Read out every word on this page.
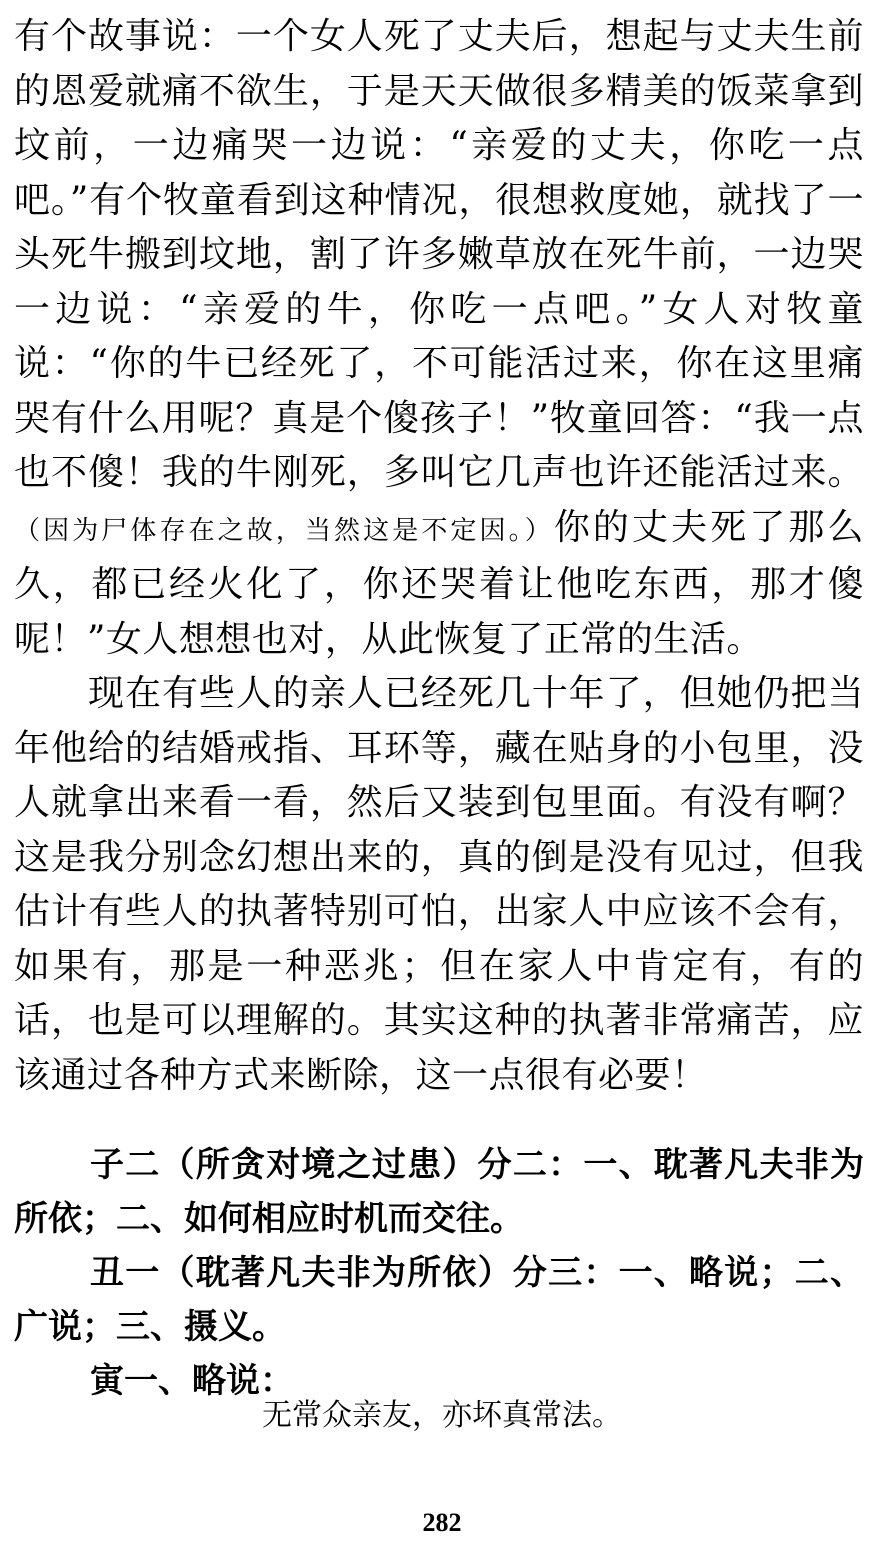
有个故事说：一个女人死了丈夫后，想起与丈夫生前的恩爱就痛不欲生，于是天天做很多精美的饭菜拿到坟前，一边痛哭一边说：“亲爱的丈夫，你吃一点吧。”有个牧童看到这种情况，很想救度她，就找了一头死牛搬到坟地，割了许多嫩草放在死牛前，一边哭一边说：“亲爱的牛，你吃一点吧。”女人对牧童说：“你的牛已经死了，不可能活过来，你在这里痛哭有什么用呢？真是个傻孩子！”牧童回答：“我一点也不傻！我的牛刚死，多叫它几声也许还能活过来。（因为尸体存在之故，当然这是不定因。）你的丈夫死了那么久，都已经火化了，你还哭着让他吃东西，那才傻呢！”女人想想也对，从此恢复了正常的生活。

现在有些人的亲人已经死几十年了，但她仍把当年他给的结婚戒指、耳环等，藏在贴身的小包里，没人就拿出来看一看，然后又装到包里面。有没有啊？这是我分别念幻想出来的，真的倒是没有见过，但我估计有些人的执著特别可怕，出家人中应该不会有，如果有，那是一种恶兆；但在家人中肯定有，有的话，也是可以理解的。其实这种的执著非常痛苦，应该通过各种方式来断除，这一点很有必要！

子二（所贪对境之过患）分二：一、耽著凡夫非为所依；二、如何相应时机而交往。

丑一（耽著凡夫非为所依）分三：一、略说；二、广说；三、摄义。

寅一、略说：

无常众亲友，亦坏真常法。
282
